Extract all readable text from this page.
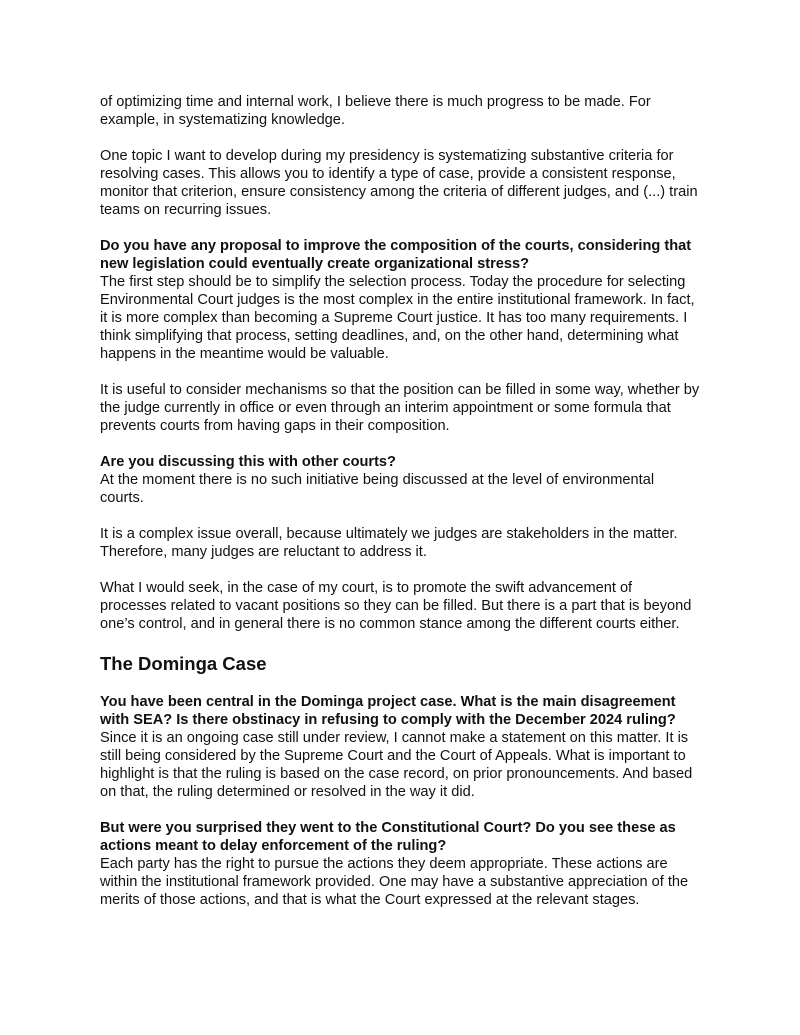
of optimizing time and internal work, I believe there is much progress to be made. For example, in systematizing knowledge.

One topic I want to develop during my presidency is systematizing substantive criteria for resolving cases. This allows you to identify a type of case, provide a consistent response, monitor that criterion, ensure consistency among the criteria of different judges, and (...) train teams on recurring issues.

Do you have any proposal to improve the composition of the courts, considering that new legislation could eventually create organizational stress?

The first step should be to simplify the selection process. Today the procedure for selecting Environmental Court judges is the most complex in the entire institutional framework. In fact, it is more complex than becoming a Supreme Court justice. It has too many requirements. I think simplifying that process, setting deadlines, and, on the other hand, determining what happens in the meantime would be valuable.

It is useful to consider mechanisms so that the position can be filled in some way, whether by the judge currently in office or even through an interim appointment or some formula that prevents courts from having gaps in their composition.

Are you discussing this with other courts?

At the moment there is no such initiative being discussed at the level of environmental courts.

It is a complex issue overall, because ultimately we judges are stakeholders in the matter. Therefore, many judges are reluctant to address it.

What I would seek, in the case of my court, is to promote the swift advancement of processes related to vacant positions so they can be filled. But there is a part that is beyond one’s control, and in general there is no common stance among the different courts either.

The Dominga Case

You have been central in the Dominga project case. What is the main disagreement with SEA? Is there obstinacy in refusing to comply with the December 2024 ruling?

Since it is an ongoing case still under review, I cannot make a statement on this matter. It is still being considered by the Supreme Court and the Court of Appeals. What is important to highlight is that the ruling is based on the case record, on prior pronouncements. And based on that, the ruling determined or resolved in the way it did.

But were you surprised they went to the Constitutional Court? Do you see these as actions meant to delay enforcement of the ruling?

Each party has the right to pursue the actions they deem appropriate. These actions are within the institutional framework provided. One may have a substantive appreciation of the merits of those actions, and that is what the Court expressed at the relevant stages.
